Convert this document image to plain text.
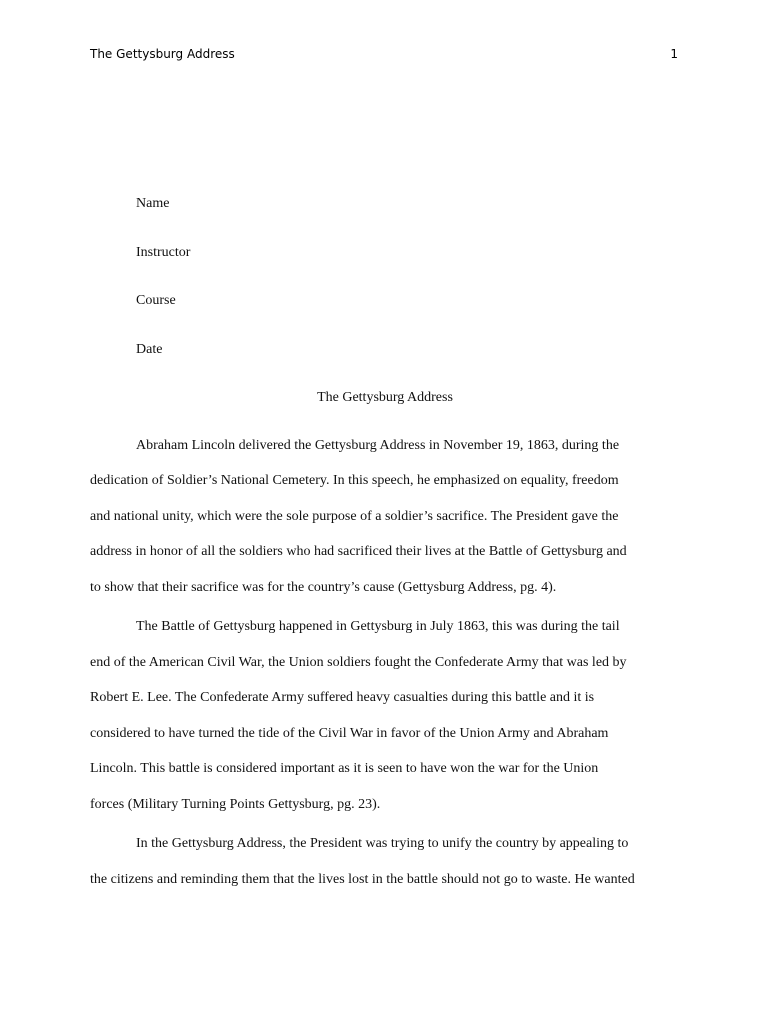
The Gettysburg Address	1
Name
Instructor
Course
Date
The Gettysburg Address
Abraham Lincoln delivered the Gettysburg Address in November 19, 1863, during the
dedication of Soldier’s National Cemetery. In this speech, he emphasized on equality, freedom
and national unity, which were the sole purpose of a soldier’s sacrifice. The President gave the
address in honor of all the soldiers who had sacrificed their lives at the Battle of Gettysburg and
to show that their sacrifice was for the country’s cause (Gettysburg Address, pg. 4).
The Battle of Gettysburg happened in Gettysburg in July 1863, this was during the tail
end of the American Civil War, the Union soldiers fought the Confederate Army that was led by
Robert E. Lee. The Confederate Army suffered heavy casualties during this battle and it is
considered to have turned the tide of the Civil War in favor of the Union Army and Abraham
Lincoln. This battle is considered important as it is seen to have won the war for the Union
forces (Military Turning Points Gettysburg, pg. 23).
In the Gettysburg Address, the President was trying to unify the country by appealing to
the citizens and reminding them that the lives lost in the battle should not go to waste. He wanted
